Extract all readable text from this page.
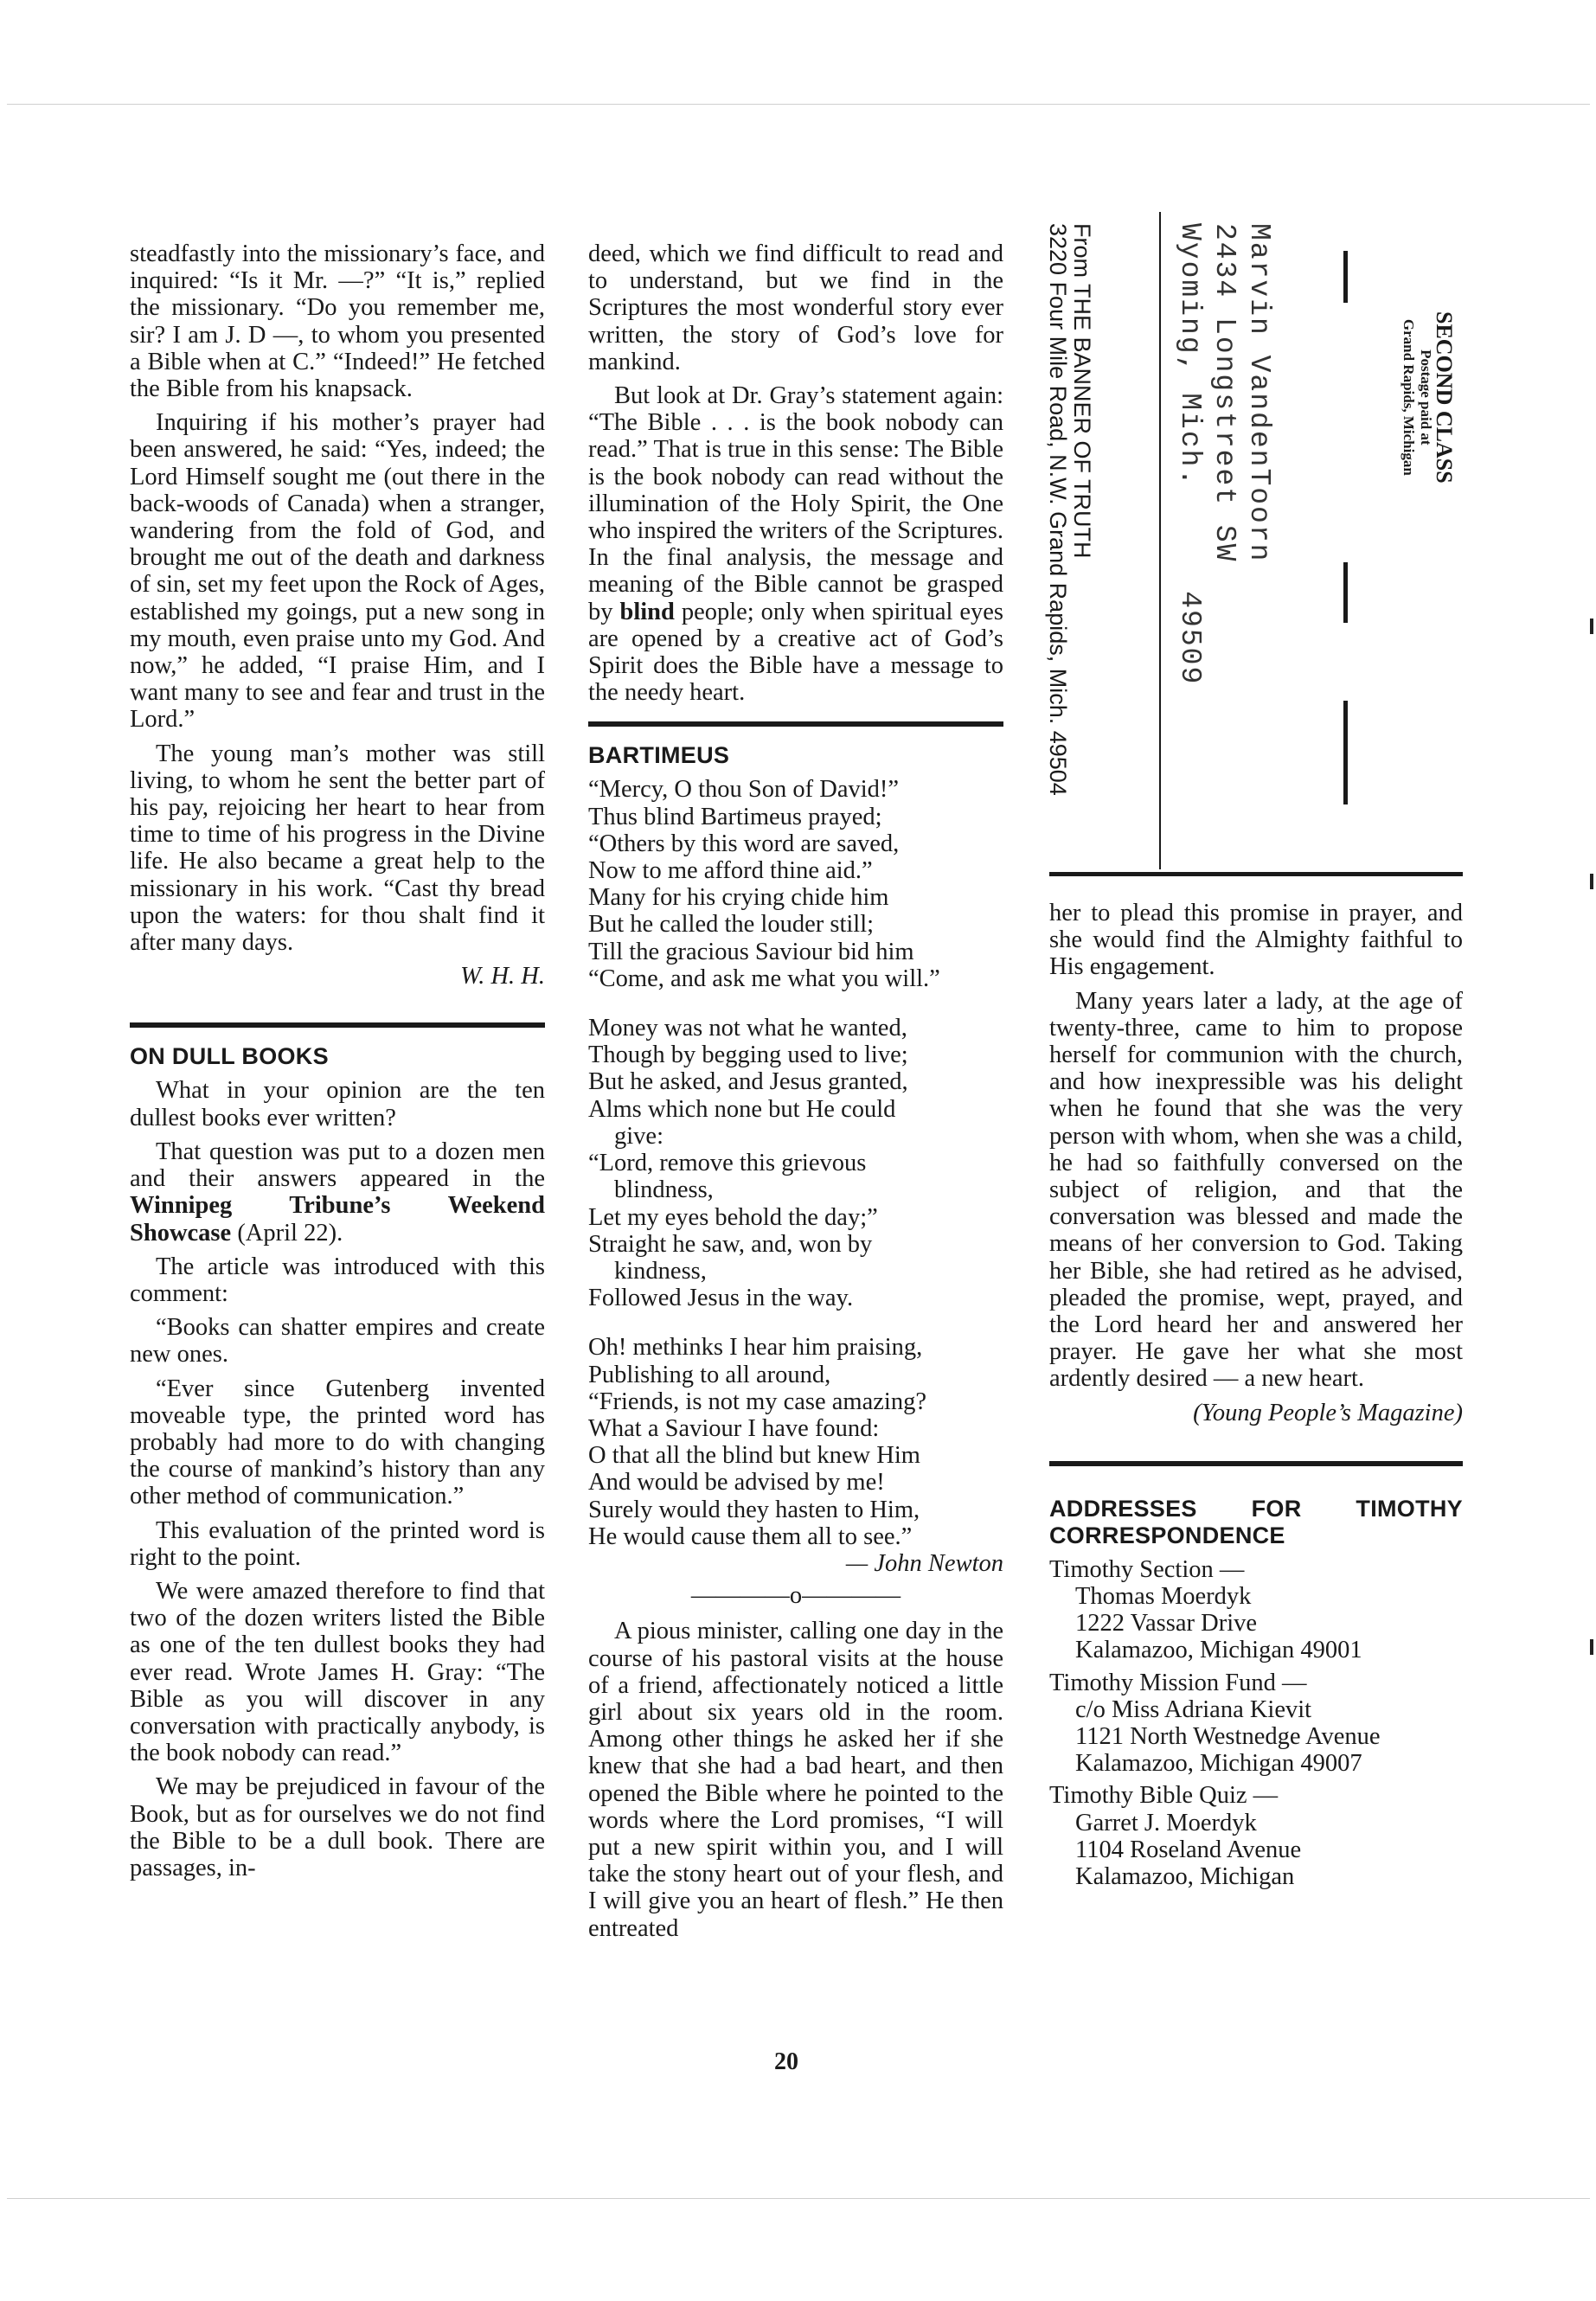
steadfastly into the missionary’s face, and inquired: “Is it Mr. —?” “It is,” replied the missionary. “Do you remember me, sir? I am J. D —, to whom you presented a Bible when at C.” “Indeed!” He fetched the Bible from his knapsack.

Inquiring if his mother’s prayer had been answered, he said: “Yes, indeed; the Lord Himself sought me (out there in the back-woods of Canada) when a stranger, wandering from the fold of God, and brought me out of the death and darkness of sin, set my feet upon the Rock of Ages, established my goings, put a new song in my mouth, even praise unto my God. And now,” he added, “I praise Him, and I want many to see and fear and trust in the Lord.”

The young man’s mother was still living, to whom he sent the better part of his pay, rejoicing her heart to hear from time to time of his progress in the Divine life. He also became a great help to the missionary in his work. “Cast thy bread upon the waters: for thou shalt find it after many days.

W. H. H.
ON DULL BOOKS

What in your opinion are the ten dullest books ever written?

That question was put to a dozen men and their answers appeared in the Winnipeg Tribune’s Weekend Showcase (April 22).

The article was introduced with this comment:

“Books can shatter empires and create new ones.

“Ever since Gutenberg invented moveable type, the printed word has probably had more to do with changing the course of mankind’s history than any other method of communication.”

This evaluation of the printed word is right to the point.

We were amazed therefore to find that two of the dozen writers listed the Bible as one of the ten dullest books they had ever read. Wrote James H. Gray: “The Bible as you will discover in any conversation with practically anybody, is the book nobody can read.”

We may be prejudiced in favour of the Book, but as for ourselves we do not find the Bible to be a dull book. There are passages, in-

deed, which we find difficult to read and to understand, but we find in the Scriptures the most wonderful story ever written, the story of God’s love for mankind.

But look at Dr. Gray’s statement again: “The Bible . . . is the book nobody can read.” That is true in this sense: The Bible is the book nobody can read without the illumination of the Holy Spirit, the One who inspired the writers of the Scriptures. In the final analysis, the message and meaning of the Bible cannot be grasped by blind people; only when spiritual eyes are opened by a creative act of God’s Spirit does the Bible have a message to the needy heart.

BARTIMEUS
“Mercy, O thou Son of David!”
Thus blind Bartimeus prayed;
“Others by this word are saved,
Now to me afford thine aid.”
Many for his crying chide him
But he called the louder still;
Till the gracious Saviour bid him
“Come, and ask me what you will.”
Money was not what he wanted,
Though by begging used to live;
But he asked, and Jesus granted,
Alms which none but He could
give:
“Lord, remove this grievous
blindness,
Let my eyes behold the day;”
Straight he saw, and, won by
kindness,
Followed Jesus in the way.
Oh! methinks I hear him praising,
Publishing to all around,
“Friends, is not my case amazing?
What a Saviour I have found:
O that all the blind but knew Him
And would be advised by me!
Surely would they hasten to Him,
He would cause them all to see.”
— John Newton
————o————

A pious minister, calling one day in the course of his pastoral visits at the house of a friend, affectionately noticed a little girl about six years old in the room. Among other things he asked her if she knew that she had a bad heart, and then opened the Bible where he pointed to the words where the Lord promises, “I will put a new spirit within you, and I will take the stony heart out of your flesh, and I will give you an heart of flesh.” He then entreated

From THE BANNER OF TRUTH
3220 Four Mile Road, N.W. Grand Rapids, Mich. 49504	Marvin VandenToorn
2434 Longstreet SW
Wyoming, Mich.49509
SECOND CLASS
Postage paid at
Grand Rapids, Michigan

her to plead this promise in prayer, and she would find the Almighty faithful to His engagement.

Many years later a lady, at the age of twenty-three, came to him to propose herself for communion with the church, and how inexpressible was his delight when he found that she was the very person with whom, when she was a child, he had so faithfully conversed on the subject of religion, and that the conversation was blessed and made the means of her conversion to God. Taking her Bible, she had retired as he advised, pleaded the promise, wept, prayed, and the Lord heard her and answered her prayer. He gave her what she most ardently desired — a new heart.

(Young People’s Magazine)
ADDRESSES FOR TIMOTHY CORRESPONDENCE
Timothy Section —
Thomas Moerdyk
1222 Vassar Drive
Kalamazoo, Michigan 49001
Timothy Mission Fund —
c/o Miss Adriana Kievit
1121 North Westnedge Avenue
Kalamazoo, Michigan 49007
Timothy Bible Quiz —
Garret J. Moerdyk
1104 Roseland Avenue
Kalamazoo, Michigan
20
